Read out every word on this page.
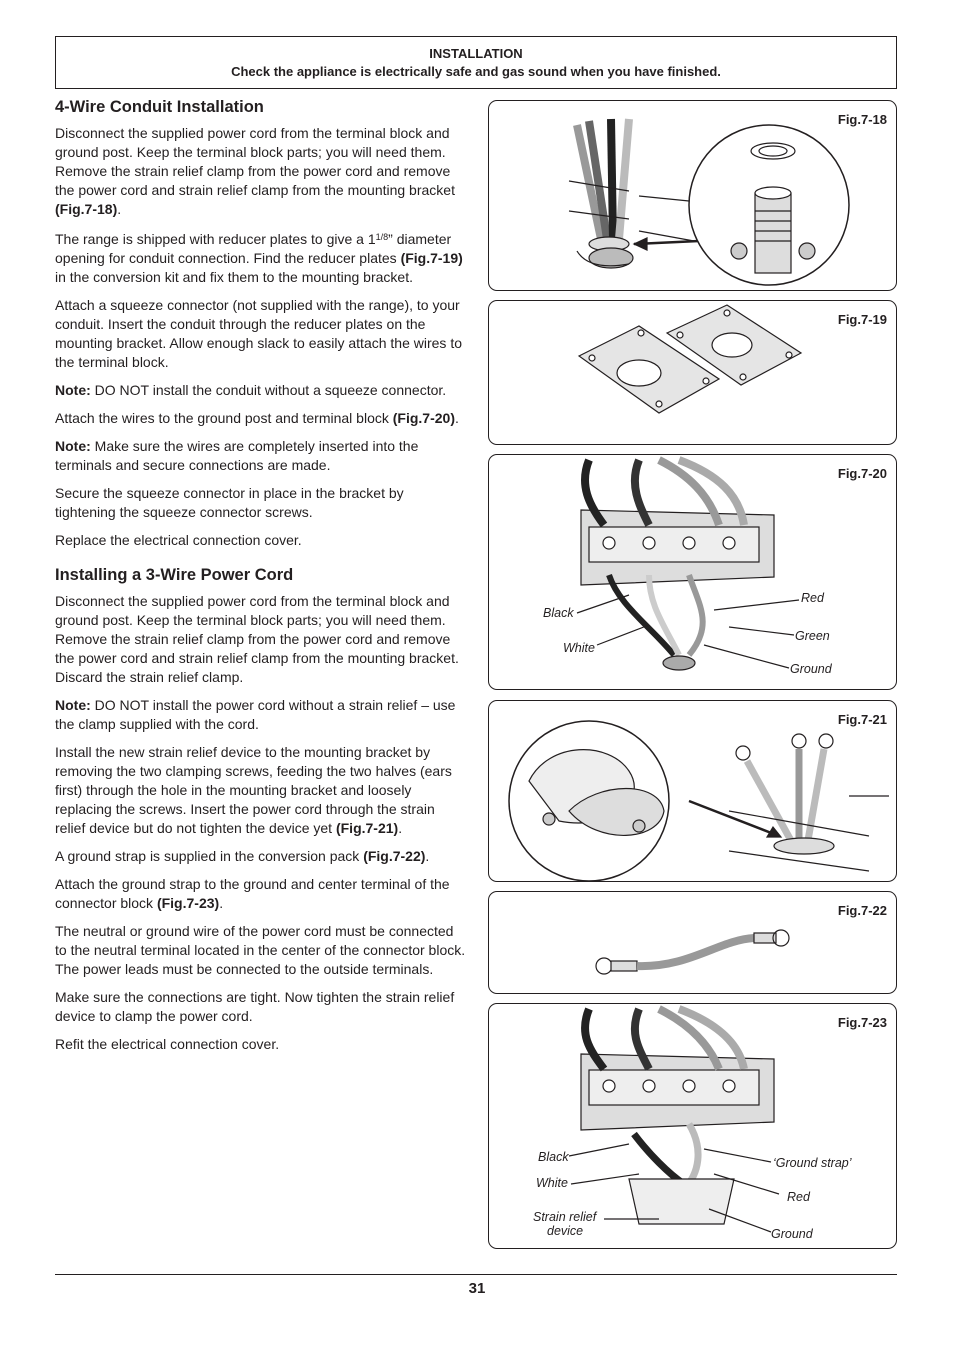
INSTALLATION
Check the appliance is electrically safe and gas sound when you have finished.
4-Wire Conduit Installation

Disconnect the supplied power cord from the terminal block and ground post. Keep the terminal block parts; you will need them. Remove the strain relief clamp from the power cord and remove the power cord and strain relief clamp from the mounting bracket (Fig.7-18).

The range is shipped with reducer plates to give a $1^{1/8}$” diameter opening for conduit connection. Find the reducer plates (Fig.7-19) in the conversion kit and fix them to the mounting bracket.

Attach a squeeze connector (not supplied with the range), to your conduit. Insert the conduit through the reducer plates on the mounting bracket. Allow enough slack to easily attach the wires to the terminal block.

Note: DO NOT install the conduit without a squeeze connector.

Attach the wires to the ground post and terminal block (Fig.7-20).

Note: Make sure the wires are completely inserted into the terminals and secure connections are made.

Secure the squeeze connector in place in the bracket by tightening the squeeze connector screws.

Replace the electrical connection cover.

Installing a 3-Wire Power Cord

Disconnect the supplied power cord from the terminal block and ground post. Keep the terminal block parts; you will need them. Remove the strain relief clamp from the power cord and remove the power cord and strain relief clamp from the mounting bracket. Discard the strain relief clamp.

Note: DO NOT install the power cord without a strain relief – use the clamp supplied with the cord.

Install the new strain relief device to the mounting bracket by removing the two clamping screws, feeding the two halves (ears first) through the hole in the mounting bracket and loosely replacing the screws. Insert the power cord through the strain relief device but do not tighten the device yet (Fig.7-21).

A ground strap is supplied in the conversion pack (Fig.7-22).

Attach the ground strap to the ground and center terminal of the connector block (Fig.7-23).

The neutral or ground wire of the power cord must be connected to the neutral terminal located in the center of the connector block. The power leads must be connected to the outside terminals.

Make sure the connections are tight. Now tighten the strain relief device to clamp the power cord.

Refit the electrical connection cover.

Fig.7-18
Fig.7-19
Fig.7-20
Black
White
Red
Green
Ground
Fig.7-21
Fig.7-22
Fig.7-23
Black
White
Strain relief
device
‘Ground strap’
Red
Ground
31
